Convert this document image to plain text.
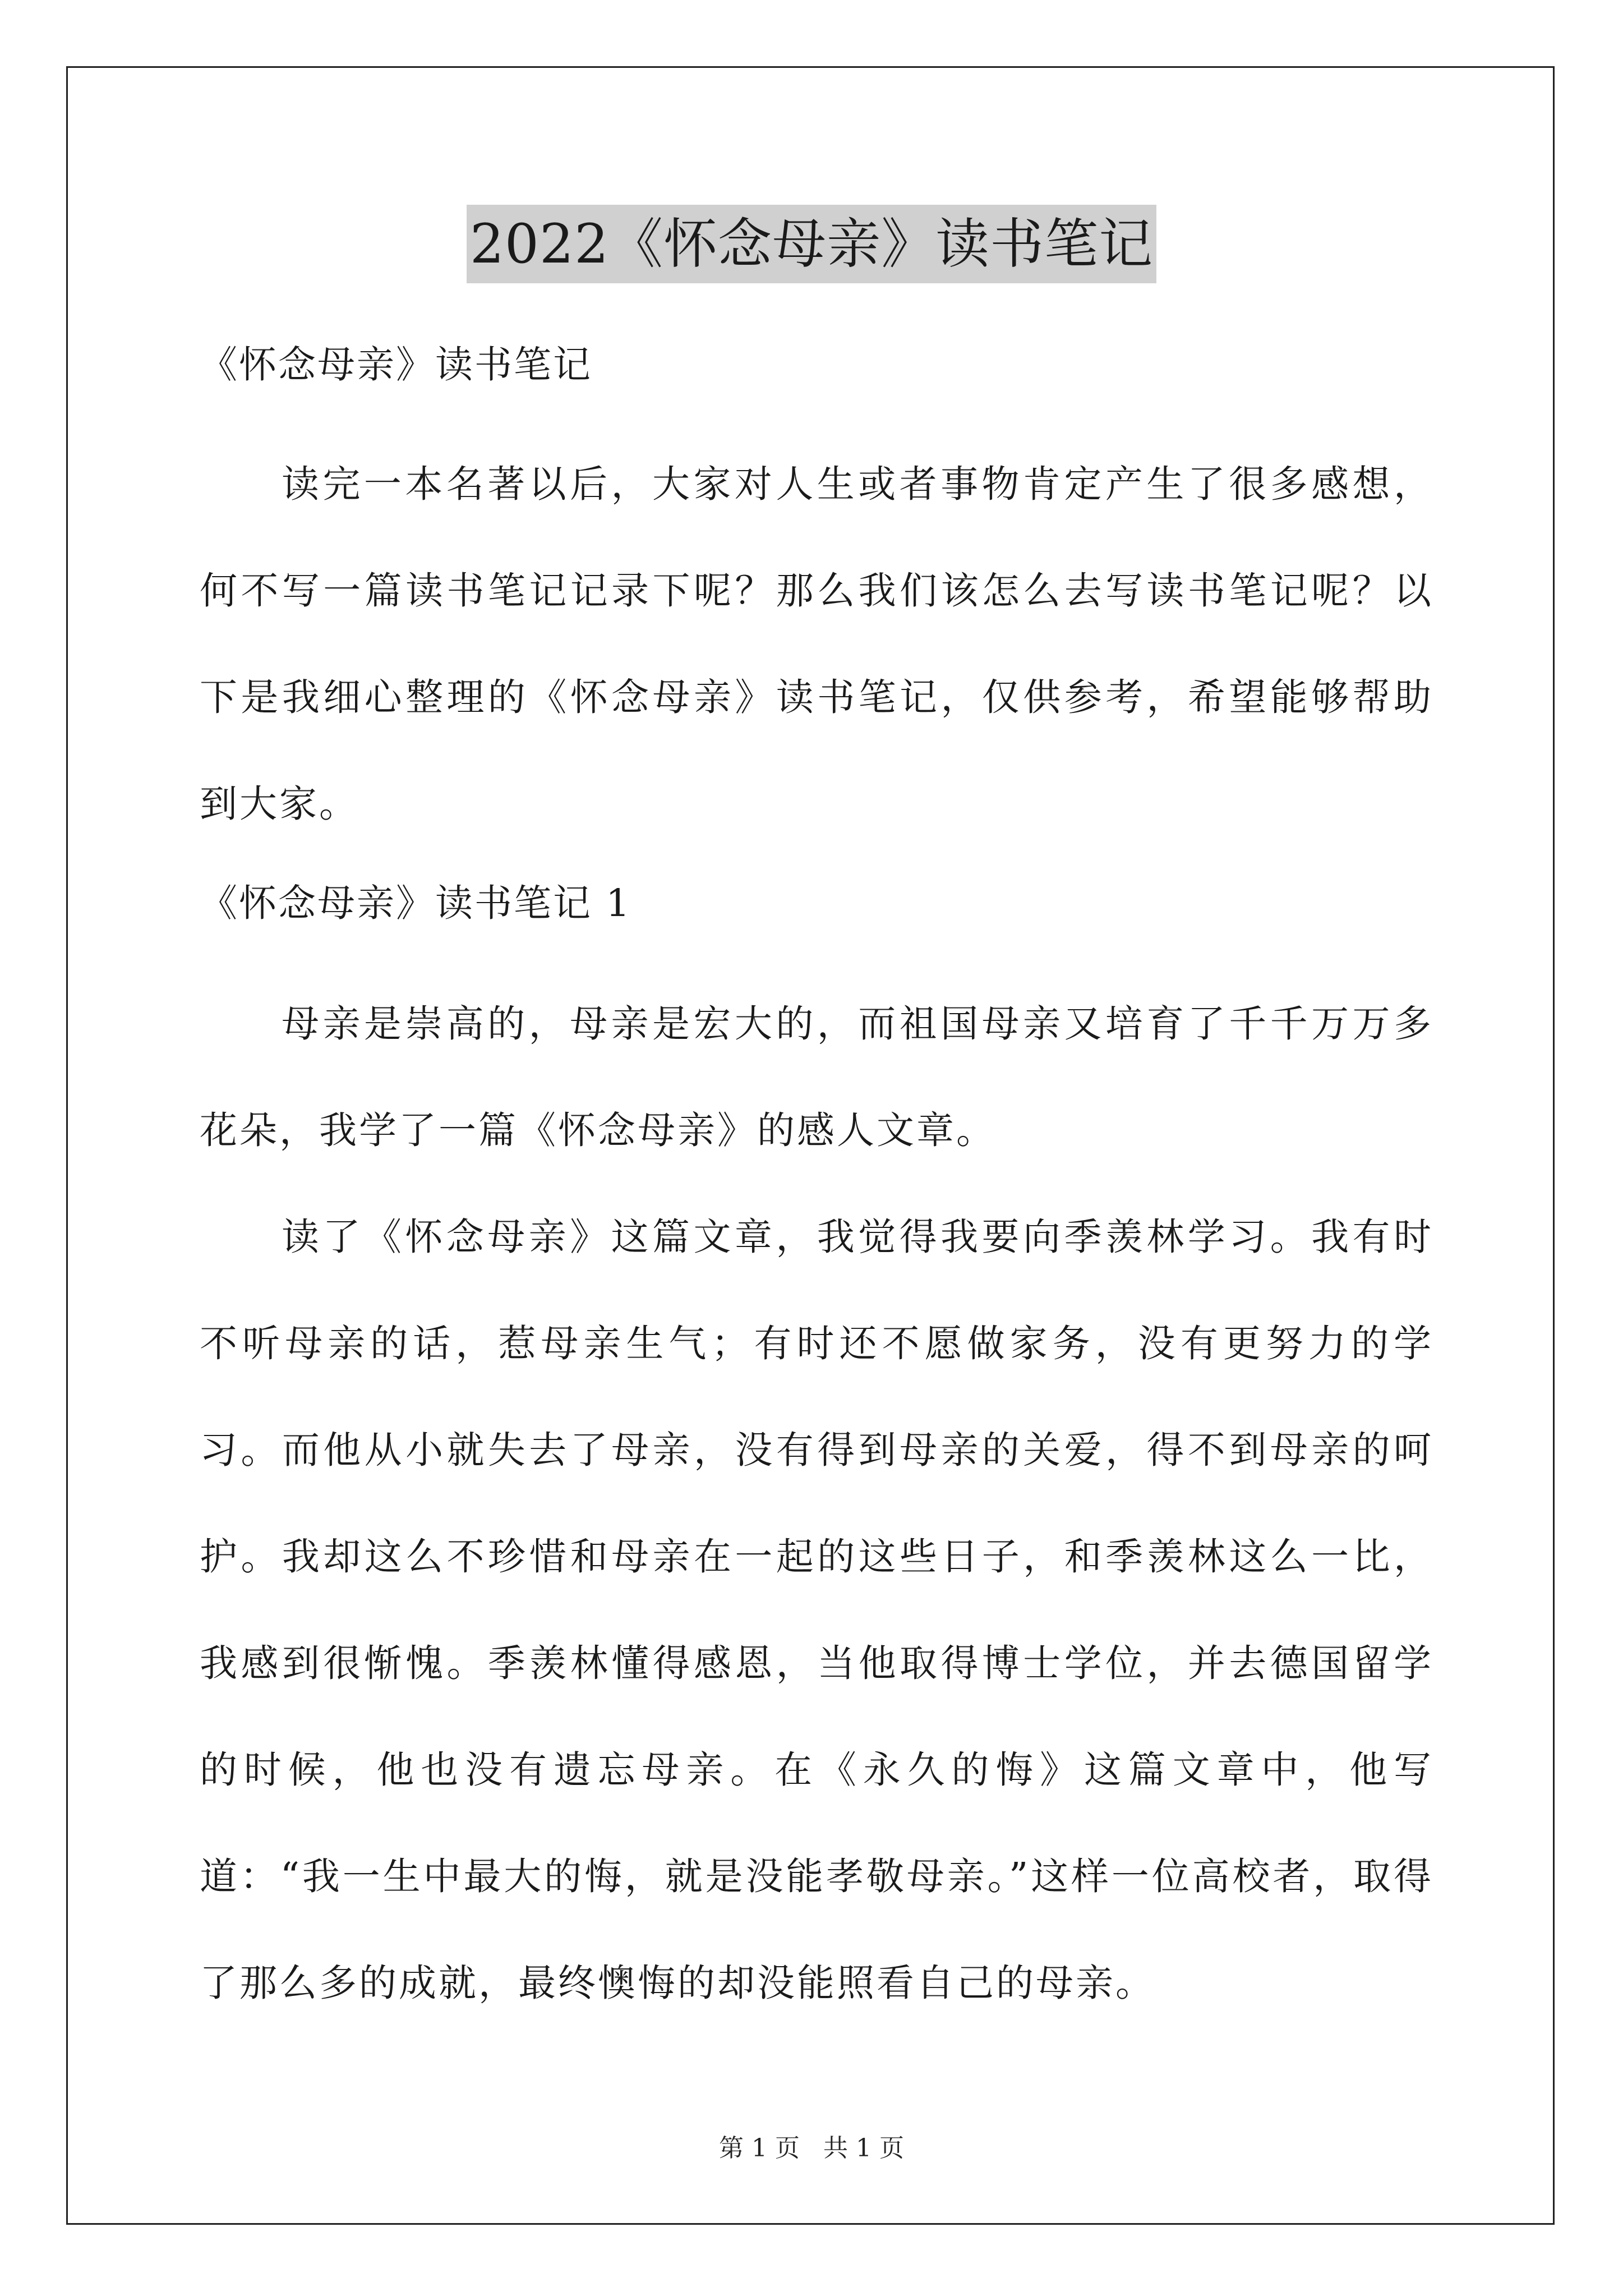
2022《怀念母亲》读书笔记
《怀念母亲》读书笔记

读完一本名著以后，大家对人生或者事物肯定产生了很多感想，何不写一篇读书笔记记录下呢？那么我们该怎么去写读书笔记呢？以下是我细心整理的《怀念母亲》读书笔记，仅供参考，希望能够帮助到大家。

《怀念母亲》读书笔记 1

母亲是崇高的，母亲是宏大的，而祖国母亲又培育了千千万万多花朵，我学了一篇《怀念母亲》的感人文章。

读了《怀念母亲》这篇文章，我觉得我要向季羡林学习。我有时不听母亲的话，惹母亲生气；有时还不愿做家务，没有更努力的学习。而他从小就失去了母亲，没有得到母亲的关爱，得不到母亲的呵护。我却这么不珍惜和母亲在一起的这些日子，和季羡林这么一比，我感到很惭愧。季羡林懂得感恩，当他取得博士学位，并去德国留学的时候，他也没有遗忘母亲。在《永久的悔》这篇文章中，他写道：“我一生中最大的悔，就是没能孝敬母亲。”这样一位高校者，取得了那么多的成就，最终懊悔的却没能照看自己的母亲。

第 1 页 共 1 页
